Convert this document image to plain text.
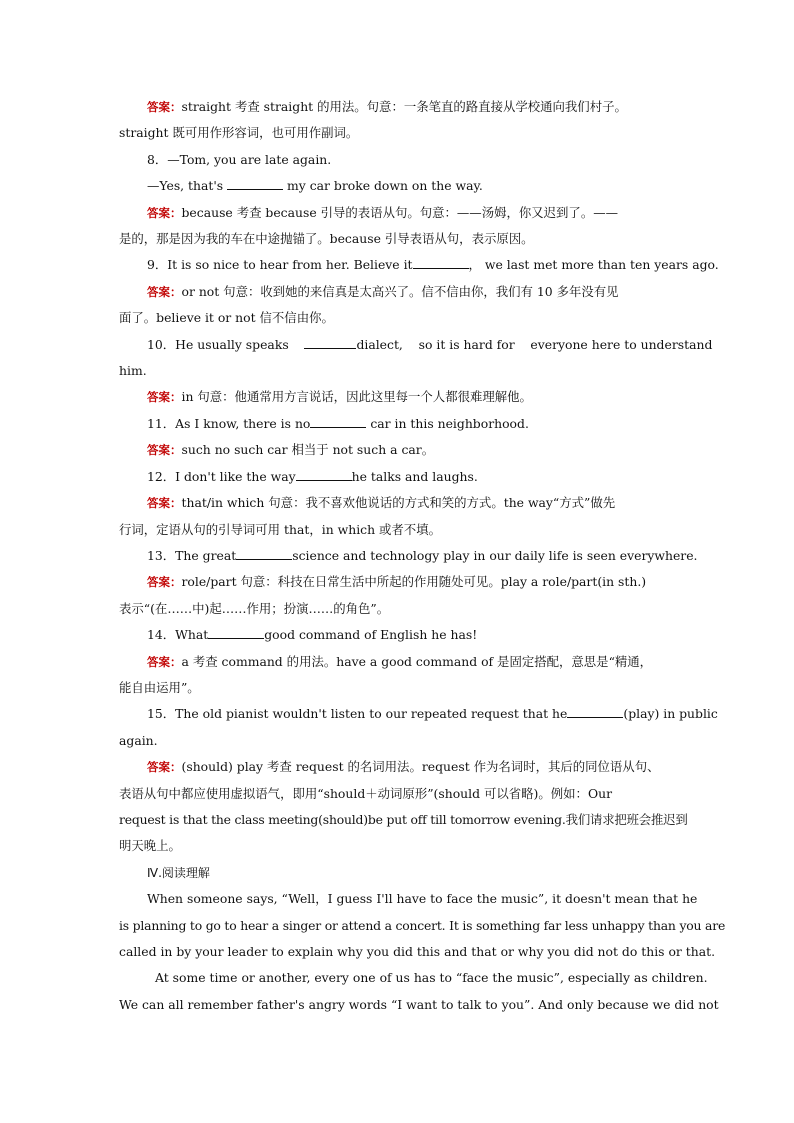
答案：straight 考查 straight 的用法。句意：一条笔直的路直接从学校通向我们村子。
straight 既可用作形容词，也可用作副词。
8．—Tom, you are late again.
—Yes, that's	my car broke down on the way.
答案：because 考查 because 引导的表语从句。句意：——汤姆，你又迟到了。——
是的，那是因为我的车在中途抛锚了。because 引导表语从句，表示原因。
9．It is so nice to hear from her. Believe it	， we last met more than ten years ago.
答案：or not 句意：收到她的来信真是太高兴了。信不信由你，我们有 10 多年没有见
面了。believe it or not 信不信由你。
10．He usually speaks	dialect,    so it is hard for    everyone here to understand
him.
答案：in 句意：他通常用方言说话，因此这里每一个人都很难理解他。
11．As I know, there is no	car in this neighborhood.
答案：such no such car 相当于 not such a car。
12．I don't like the way	he talks and laughs.
答案：that/in which 句意：我不喜欢他说话的方式和笑的方式。the way“方式”做先
行词，定语从句的引导词可用 that，in which 或者不填。
13．The great	science and technology play in our daily life is seen everywhere.
答案：role/part 句意：科技在日常生活中所起的作用随处可见。play a role/part(in sth.)
表示“(在……中)起……作用；扮演……的角色”。
14．What	good command of English he has!
答案：a 考查 command 的用法。have a good command of 是固定搭配，意思是“精通，
能自由运用”。
15．The old pianist wouldn't listen to our repeated request that he	(play) in public
again.
答案：(should) play 考查 request 的名词用法。request 作为名词时，其后的同位语从句、
表语从句中都应使用虚拟语气，即用“should＋动词原形”(should 可以省略)。例如：Our
request is that the class meeting(should)be put off till tomorrow evening.我们请求把班会推迟到
明天晚上。
Ⅳ.阅读理解
When someone says, “Well，I guess I'll have to face the music”, it doesn't mean that he
is planning to go to hear a singer or attend a concert. It is something far less unhappy than you are
called in by your leader to explain why you did this and that or why you did not do this or that.
At some time or another, every one of us has to “face the music”, especially as children.
We can all remember father's angry words “I want to talk to you”. And only because we did not
